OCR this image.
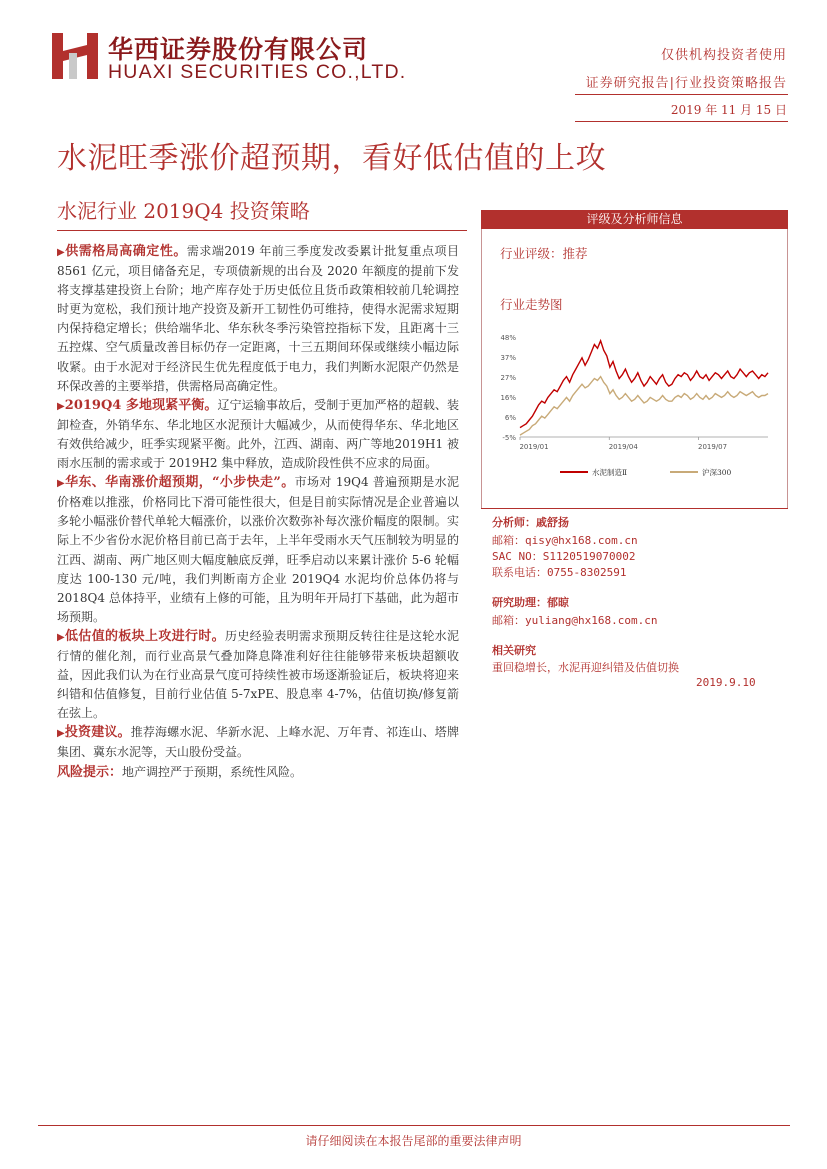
华西证券股份有限公司
HUAXI SECURITIES CO.,LTD.
仅供机构投资者使用
证券研究报告|行业投资策略报告
2019 年 11 月 15 日
水泥旺季涨价超预期，看好低估值的上攻
水泥行业 2019Q4 投资策略

▶供需格局高确定性。需求端2019 年前三季度发改委累计批复重点项目 8561 亿元，项目储备充足，专项债新规的出台及 2020 年额度的提前下发将支撑基建投资上台阶；地产库存处于历史低位且货币政策相较前几轮调控时更为宽松，我们预计地产投资及新开工韧性仍可维持，使得水泥需求短期内保持稳定增长；供给端华北、华东秋冬季污染管控指标下发，且距离十三五控煤、空气质量改善目标仍存一定距离，十三五期间环保或继续小幅边际收紧。由于水泥对于经济民生优先程度低于电力，我们判断水泥限产仍然是环保改善的主要举措，供需格局高确定性。

▶2019Q4 多地现紧平衡。辽宁运输事故后，受制于更加严格的超载、装卸检查，外销华东、华北地区水泥预计大幅减少，从而使得华东、华北地区有效供给减少，旺季实现紧平衡。此外，江西、湖南、两广等地2019H1 被雨水压制的需求或于 2019H2 集中释放，造成阶段性供不应求的局面。

▶华东、华南涨价超预期，“小步快走”。市场对 19Q4 普遍预期是水泥价格难以推涨，价格同比下滑可能性很大，但是目前实际情况是企业普遍以多轮小幅涨价替代单轮大幅涨价，以涨价次数弥补每次涨价幅度的限制。实际上不少省份水泥价格目前已高于去年，上半年受雨水天气压制较为明显的江西、湖南、两广地区则大幅度触底反弹，旺季启动以来累计涨价 5-6 轮幅度达 100-130 元/吨，我们判断南方企业 2019Q4 水泥均价总体仍将与 2018Q4 总体持平，业绩有上修的可能，且为明年开局打下基础，此为超市场预期。

▶低估值的板块上攻进行时。历史经验表明需求预期反转往往是这轮水泥行情的催化剂，而行业高景气叠加降息降准利好往往能够带来板块超额收益，因此我们认为在行业高景气度可持续性被市场逐渐验证后，板块将迎来纠错和估值修复，目前行业估值 5-7xPE、股息率 4-7%，估值切换/修复箭在弦上。

▶投资建议。推荐海螺水泥、华新水泥、上峰水泥、万年青、祁连山、塔牌集团、冀东水泥等，天山股份受益。

风险提示：地产调控严于预期，系统性风险。

评级及分析师信息
行业评级：推荐
行业走势图
48%
37%
27%
16%
6%
-5%
2019/01	2019/04	2019/07
水泥制造Ⅱ	沪深300
分析师：戚舒扬
邮箱：qisy@hx168.com.cn
SAC NO：S1120519070002
联系电话：0755-8302591
研究助理：郁晾
邮箱：yuliang@hx168.com.cn
相关研究
重回稳增长，水泥再迎纠错及估值切换
2019.9.10
请仔细阅读在本报告尾部的重要法律声明
